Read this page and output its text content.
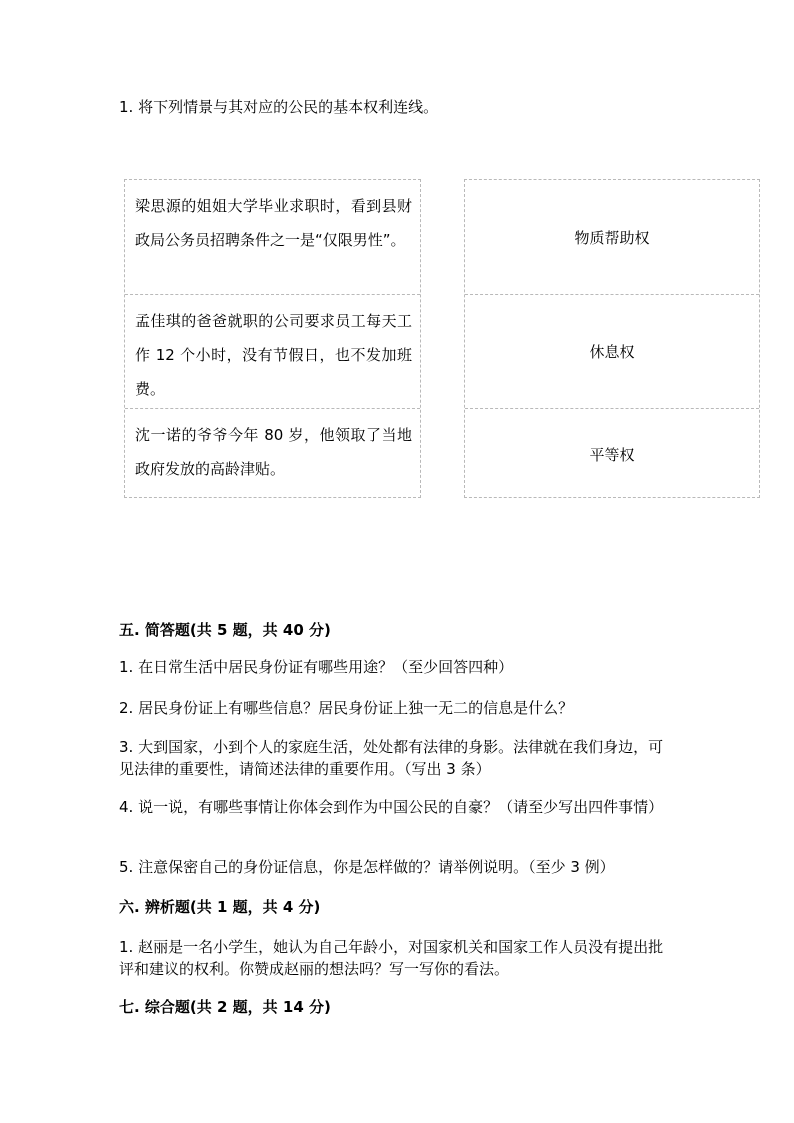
1. 将下列情景与其对应的公民的基本权利连线。
梁思源的姐姐大学毕业求职时，看到县财政局公务员招聘条件之一是“仅限男性”。
孟佳琪的爸爸就职的公司要求员工每天工作 12 个小时，没有节假日，也不发加班费。
沈一诺的爷爷今年 80 岁，他领取了当地政府发放的高龄津贴。
物质帮助权
休息权
平等权
五. 简答题(共 5 题，共 40 分)
1. 在日常生活中居民身份证有哪些用途？（至少回答四种）
2. 居民身份证上有哪些信息？居民身份证上独一无二的信息是什么？
3. 大到国家，小到个人的家庭生活，处处都有法律的身影。法律就在我们身边，可见法律的重要性，请简述法律的重要作用。（写出 3 条）
4. 说一说，有哪些事情让你体会到作为中国公民的自豪？（请至少写出四件事情）
5. 注意保密自己的身份证信息，你是怎样做的？请举例说明。（至少 3 例）
六. 辨析题(共 1 题，共 4 分)
1. 赵丽是一名小学生，她认为自己年龄小，对国家机关和国家工作人员没有提出批评和建议的权利。你赞成赵丽的想法吗？写一写你的看法。
七. 综合题(共 2 题，共 14 分)
